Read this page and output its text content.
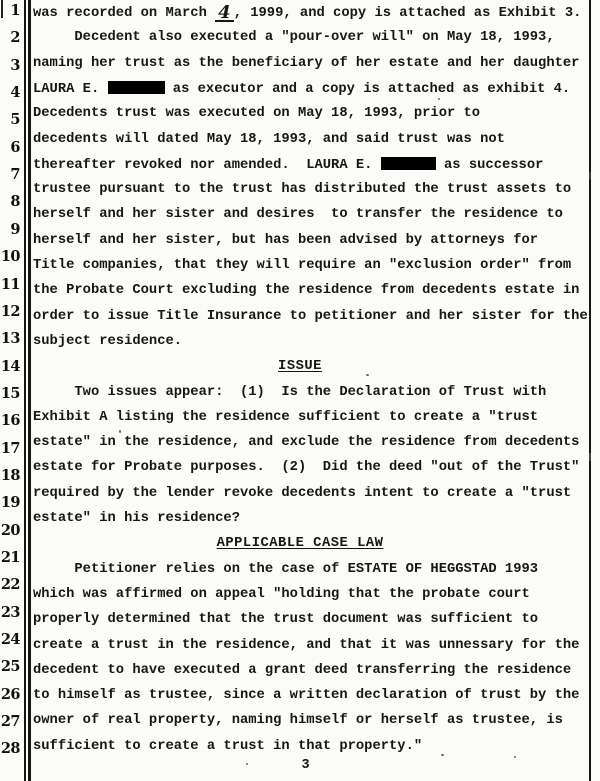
1
2
3
4
5
6
7
8
9
10
11
12
13
14
15
16
17
18
19
20
21
22
23
24
25
26
27
28
was recorded on March 4 , 1999, and copy is attached as Exhibit 3.
Decedent also executed a "pour-over will" on May 18, 1993,
naming her trust as the beneficiary of her estate and her daughter
LAURA E.	as executor and a copy is attached as exhibit 4.
Decedents trust was executed on May 18, 1993, prior to
decedents will dated May 18, 1993, and said trust was not
thereafter revoked nor amended.  LAURA E.	as successor
trustee pursuant to the trust has distributed the trust assets to
herself and her sister and desires  to transfer the residence to
herself and her sister, but has been advised by attorneys for
Title companies, that they will require an "exclusion order" from
the Probate Court excluding the residence from decedents estate in
order to issue Title Insurance to petitioner and her sister for the
subject residence.
ISSUE
Two issues appear:  (1)  Is the Declaration of Trust with
Exhibit A listing the residence sufficient to create a "trust
estate" in the residence, and exclude the residence from decedents
estate for Probate purposes.  (2)  Did the deed "out of the Trust"
required by the lender revoke decedents intent to create a "trust
estate" in his residence?
APPLICABLE CASE LAW
Petitioner relies on the case of ESTATE OF HEGGSTAD 1993
which was affirmed on appeal "holding that the probate court
properly determined that the trust document was sufficient to
create a trust in the residence, and that it was unnessary for the
decedent to have executed a grant deed transferring the residence
to himself as trustee, since a written declaration of trust by the
owner of real property, naming himself or herself as trustee, is
sufficient to create a trust in that property."
3
